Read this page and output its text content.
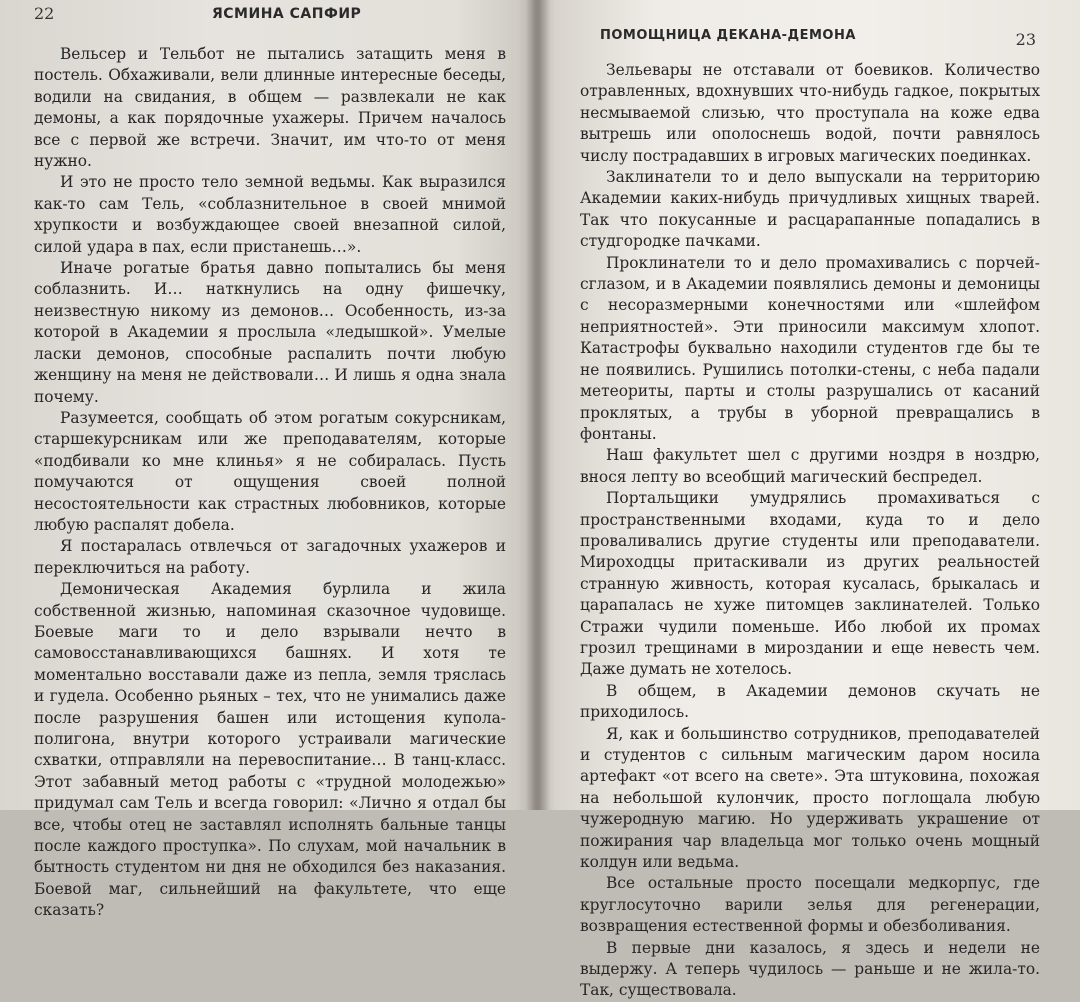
22	ЯСМИНА САПФИР

Вельсер и Тельбот не пытались затащить меня в постель. Обхаживали, вели длинные интересные беседы, водили на свидания, в общем — развлекали не как демоны, а как порядочные ухажеры. Причем началось все с первой же встречи. Значит, им что-то от меня нужно.

И это не просто тело земной ведьмы. Как выразился как-то сам Тель, «соблазнительное в своей мнимой хрупкости и возбуждающее своей внезапной силой, силой удара в пах, если пристанешь…».

Иначе рогатые братья давно попытались бы меня соблазнить. И… наткнулись на одну фишечку, неизвестную никому из демонов… Особенность, из-за которой в Академии я прослыла «ледышкой». Умелые ласки демонов, способные распалить почти любую женщину на меня не действовали… И лишь я одна знала почему.

Разумеется, сообщать об этом рогатым сокурсникам, старшекурсникам или же преподавателям, которые «подбивали ко мне клинья» я не собиралась. Пусть помучаются от ощущения своей полной несостоятельности как страстных любовников, которые любую распалят добела.

Я постаралась отвлечься от загадочных ухажеров и переключиться на работу.

Демоническая Академия бурлила и жила собственной жизнью, напоминая сказочное чудовище. Боевые маги то и дело взрывали нечто в самовосстанавливающихся башнях. И хотя те моментально восставали даже из пепла, земля тряслась и гудела. Особенно рьяных – тех, что не унимались даже после разрушения башен или истощения купола-полигона, внутри которого устраивали магические схватки, отправляли на перевоспитание… В танц-класс. Этот забавный метод работы с «трудной молодежью» придумал сам Тель и всегда говорил: «Лично я отдал бы все, чтобы отец не заставлял исполнять бальные танцы после каждого проступка». По слухам, мой начальник в бытность студентом ни дня не обходился без наказания. Боевой маг, сильнейший на факультете, что еще сказать?

ПОМОЩНИЦА ДЕКАНА-ДЕМОНА	23

Зельевары не отставали от боевиков. Количество отравленных, вдохнувших что-нибудь гадкое, покрытых несмываемой слизью, что проступала на коже едва вытрешь или ополоснешь водой, почти равнялось числу пострадавших в игровых магических поединках.

Заклинатели то и дело выпускали на территорию Академии каких-нибудь причудливых хищных тварей. Так что покусанные и расцарапанные попадались в студгородке пачками.

Проклинатели то и дело промахивались с порчей-сглазом, и в Академии появлялись демоны и демоницы с несоразмерными конечностями или «шлейфом неприятностей». Эти приносили максимум хлопот. Катастрофы буквально находили студентов где бы те не появились. Рушились потолки-стены, с неба падали метеориты, парты и столы разрушались от касаний проклятых, а трубы в уборной превращались в фонтаны.

Наш факультет шел с другими ноздря в ноздрю, внося лепту во всеобщий магический беспредел.

Портальщики умудрялись промахиваться с пространственными входами, куда то и дело проваливались другие студенты или преподаватели. Мироходцы притаскивали из других реальностей странную живность, которая кусалась, брыкалась и царапалась не хуже питомцев заклинателей. Только Стражи чудили поменьше. Ибо любой их промах грозил трещинами в мироздании и еще невесть чем. Даже думать не хотелось.

В общем, в Академии демонов скучать не приходилось.

Я, как и большинство сотрудников, преподавателей и студентов с сильным магическим даром носила артефакт «от всего на свете». Эта штуковина, похожая на небольшой кулончик, просто поглощала любую чужеродную магию. Но удерживать украшение от пожирания чар владельца мог только очень мощный колдун или ведьма.

Все остальные просто посещали медкорпус, где круглосуточно варили зелья для регенерации, возвращения естественной формы и обезболивания.

В первые дни казалось, я здесь и недели не выдержу. А теперь чудилось — раньше и не жила-то. Так, существовала.
